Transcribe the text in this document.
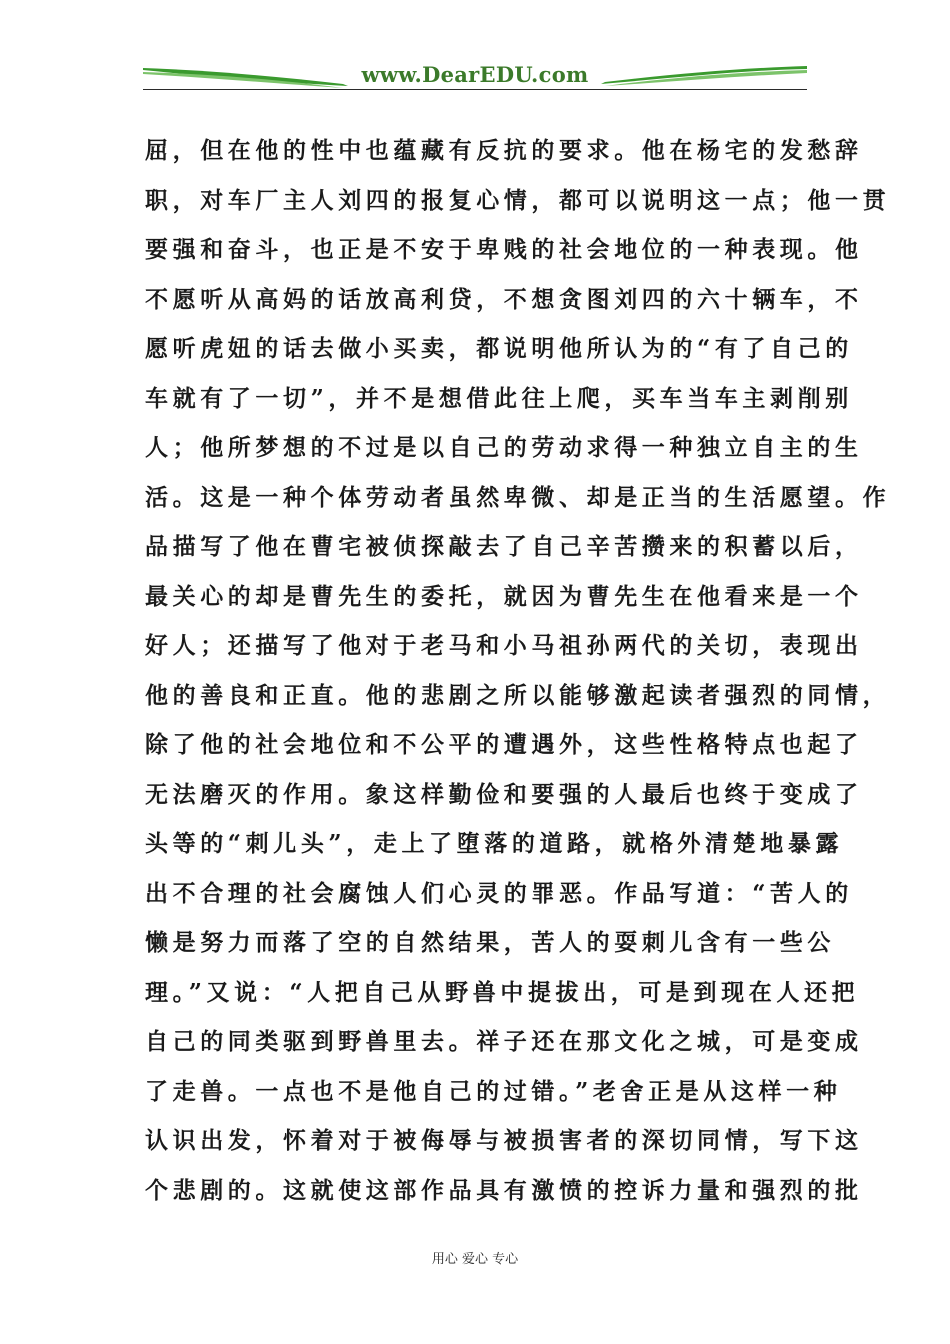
www.DearEDU.com
屈，但在他的性中也蕴藏有反抗的要求。他在杨宅的发愁辞
职，对车厂主人刘四的报复心情，都可以说明这一点；他一贯
要强和奋斗，也正是不安于卑贱的社会地位的一种表现。他
不愿听从高妈的话放高利贷，不想贪图刘四的六十辆车，不
愿听虎妞的话去做小买卖，都说明他所认为的“有了自己的
车就有了一切”，并不是想借此往上爬，买车当车主剥削别
人；他所梦想的不过是以自己的劳动求得一种独立自主的生
活。这是一种个体劳动者虽然卑微、却是正当的生活愿望。作
品描写了他在曹宅被侦探敲去了自己辛苦攒来的积蓄以后，
最关心的却是曹先生的委托，就因为曹先生在他看来是一个
好人；还描写了他对于老马和小马祖孙两代的关切，表现出
他的善良和正直。他的悲剧之所以能够激起读者强烈的同情，
除了他的社会地位和不公平的遭遇外，这些性格特点也起了
无法磨灭的作用。象这样勤俭和要强的人最后也终于变成了
头等的“刺儿头”，走上了堕落的道路，就格外清楚地暴露
出不合理的社会腐蚀人们心灵的罪恶。作品写道：“苦人的
懒是努力而落了空的自然结果，苦人的耍刺儿含有一些公
理。”又说：“人把自己从野兽中提拔出，可是到现在人还把
自己的同类驱到野兽里去。祥子还在那文化之城，可是变成
了走兽。一点也不是他自己的过错。”老舍正是从这样一种
认识出发，怀着对于被侮辱与被损害者的深切同情，写下这
个悲剧的。这就使这部作品具有激愤的控诉力量和强烈的批
用心 爱心 专心
